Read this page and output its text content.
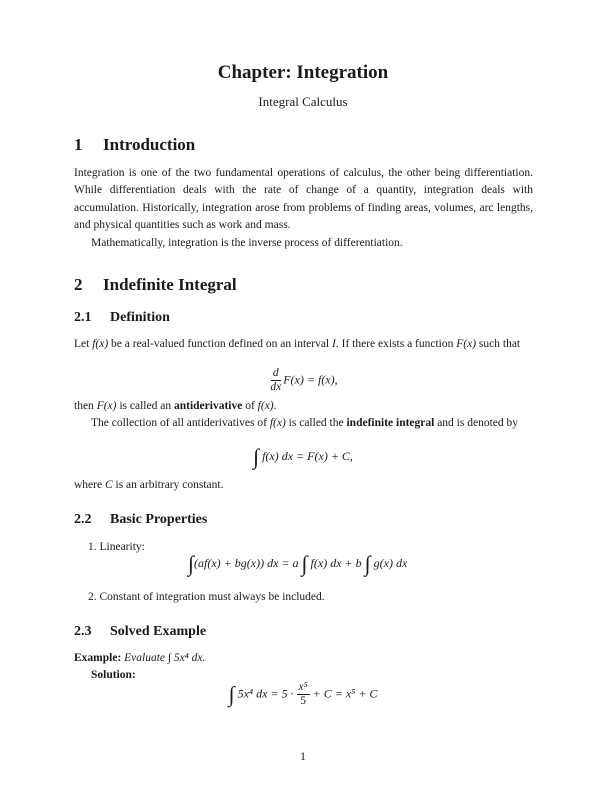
Chapter: Integration
Integral Calculus
1 Introduction
Integration is one of the two fundamental operations of calculus, the other being differentiation. While differentiation deals with the rate of change of a quantity, integration deals with accumulation. Historically, integration arose from problems of finding areas, volumes, arc lengths, and physical quantities such as work and mass.
Mathematically, integration is the inverse process of differentiation.
2 Indefinite Integral
2.1 Definition
Let f(x) be a real-valued function defined on an interval I. If there exists a function F(x) such that
$\frac{d}{dx} F(x) = f(x)$,
then F(x) is called an antiderivative of f(x).
The collection of all antiderivatives of f(x) is called the indefinite integral and is denoted by
∫ f(x) dx = F(x) + C,
where C is an arbitrary constant.
2.2 Basic Properties
1. Linearity:
∫(af(x) + bg(x)) dx = a ∫ f(x) dx + b ∫ g(x) dx
2. Constant of integration must always be included.
2.3 Solved Example
Example: Evaluate ∫ 5x⁴ dx.
Solution:
∫ 5x⁴ dx = $5 \cdot \frac{\text{x⁵}}{5} + C = x^5 + C$
1
